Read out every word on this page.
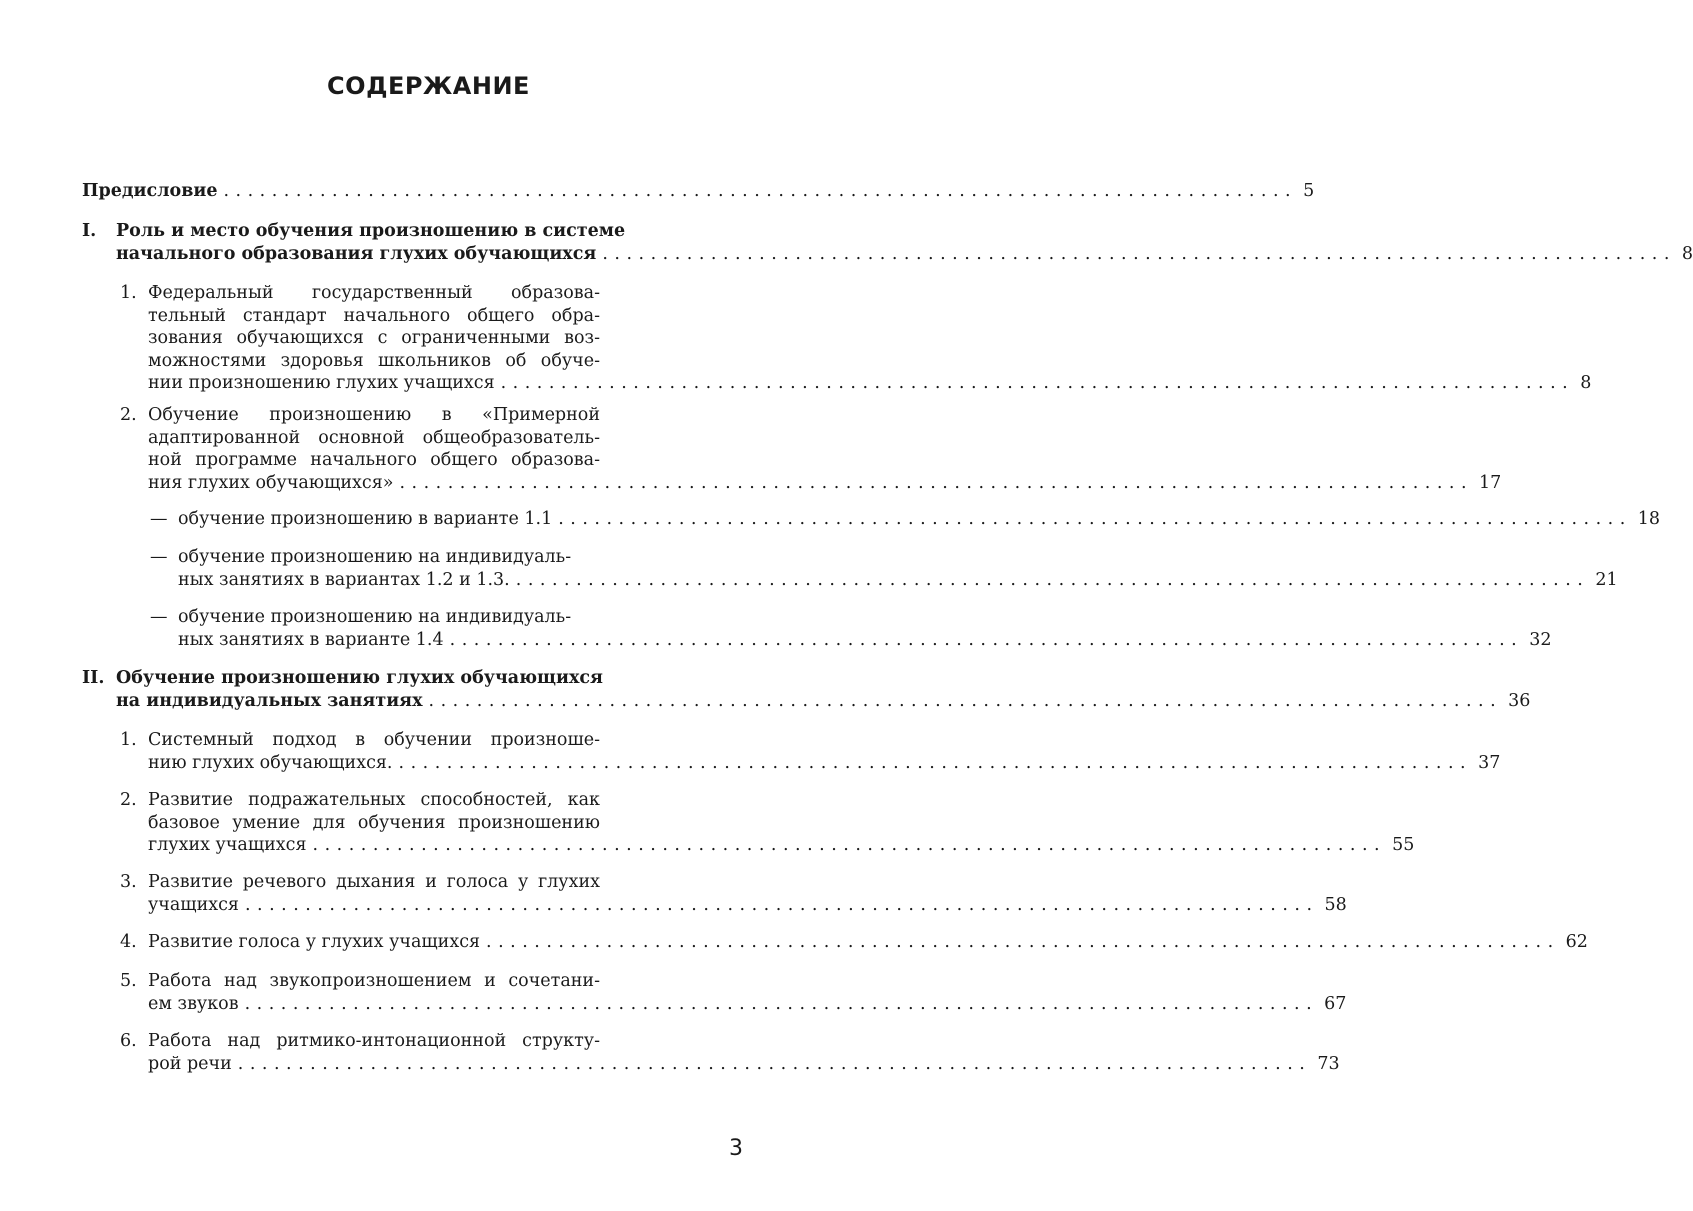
СОДЕРЖАНИЕ
Предисловие ......................................................................................... 5
I. Роль и место обучения произношению в системе
начального образования глухих обучающихся ......................................................................................... 8
1. Федеральный государственный образова-
тельный стандарт начального общего обра-
зования обучающихся с ограниченными воз-
можностями здоровья школьников об обуче-
нии произношению глухих учащихся ......................................................................................... 8
2. Обучение произношению в «Примерной
адаптированной основной общеобразователь-
ной программе начального общего образова-
ния глухих обучающихся» ......................................................................................... 17
— обучение произношению в варианте 1.1 ......................................................................................... 18
— обучение произношению на индивидуаль-
ных занятиях в вариантах 1.2 и 1.3. ......................................................................................... 21
— обучение произношению на индивидуаль-
ных занятиях в варианте 1.4 ......................................................................................... 32
II. Обучение произношению глухих обучающихся
на индивидуальных занятиях ......................................................................................... 36
1. Системный подход в обучении произноше-
нию глухих обучающихся. ......................................................................................... 37
2. Развитие подражательных способностей, как
базовое умение для обучения произношению
глухих учащихся ......................................................................................... 55
3. Развитие речевого дыхания и голоса у глухих
учащихся ......................................................................................... 58
4. Развитие голоса у глухих учащихся ......................................................................................... 62
5. Работа над звукопроизношением и сочетани-
ем звуков ......................................................................................... 67
6. Работа над ритмико-интонационной структу-
рой речи ......................................................................................... 73
3
